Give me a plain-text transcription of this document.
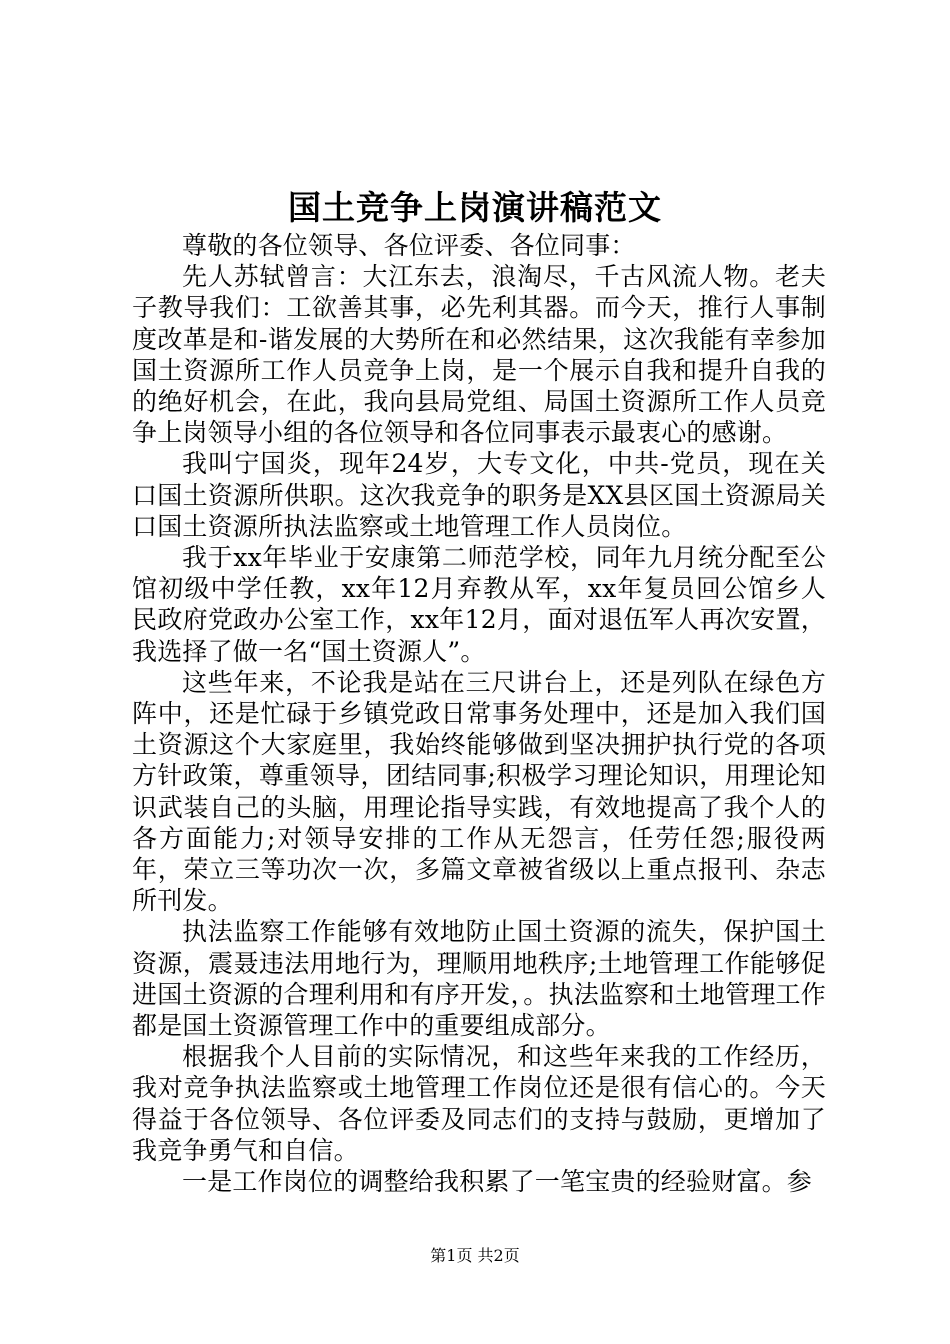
国土竞争上岗演讲稿范文

尊敬的各位领导、各位评委、各位同事：

先人苏轼曾言：大江东去，浪淘尽，千古风流人物。老夫子教导我们：工欲善其事，必先利其器。而今天，推行人事制度改革是和-谐发展的大势所在和必然结果，这次我能有幸参加国土资源所工作人员竞争上岗，是一个展示自我和提升自我的的绝好机会，在此，我向县局党组、局国土资源所工作人员竞争上岗领导小组的各位领导和各位同事表示最衷心的感谢。

我叫宁国炎，现年24岁，大专文化，中共-党员，现在关口国土资源所供职。这次我竞争的职务是XX县区国土资源局关口国土资源所执法监察或土地管理工作人员岗位。

我于xx年毕业于安康第二师范学校，同年九月统分配至公馆初级中学任教，xx年12月弃教从军，xx年复员回公馆乡人民政府党政办公室工作，xx年12月，面对退伍军人再次安置，我选择了做一名“国土资源人”。

这些年来，不论我是站在三尺讲台上，还是列队在绿色方阵中，还是忙碌于乡镇党政日常事务处理中，还是加入我们国土资源这个大家庭里，我始终能够做到坚决拥护执行党的各项方针政策，尊重领导，团结同事;积极学习理论知识，用理论知识武装自己的头脑，用理论指导实践，有效地提高了我个人的各方面能力;对领导安排的工作从无怨言，任劳任怨;服役两年，荣立三等功次一次，多篇文章被省级以上重点报刊、杂志所刊发。

执法监察工作能够有效地防止国土资源的流失，保护国土资源，震聂违法用地行为，理顺用地秩序;土地管理工作能够促进国土资源的合理利用和有序开发，。执法监察和土地管理工作都是国土资源管理工作中的重要组成部分。

根据我个人目前的实际情况，和这些年来我的工作经历，我对竞争执法监察或土地管理工作岗位还是很有信心的。今天得益于各位领导、各位评委及同志们的支持与鼓励，更增加了我竞争勇气和自信。

一是工作岗位的调整给我积累了一笔宝贵的经验财富。参

第1页 共2页
